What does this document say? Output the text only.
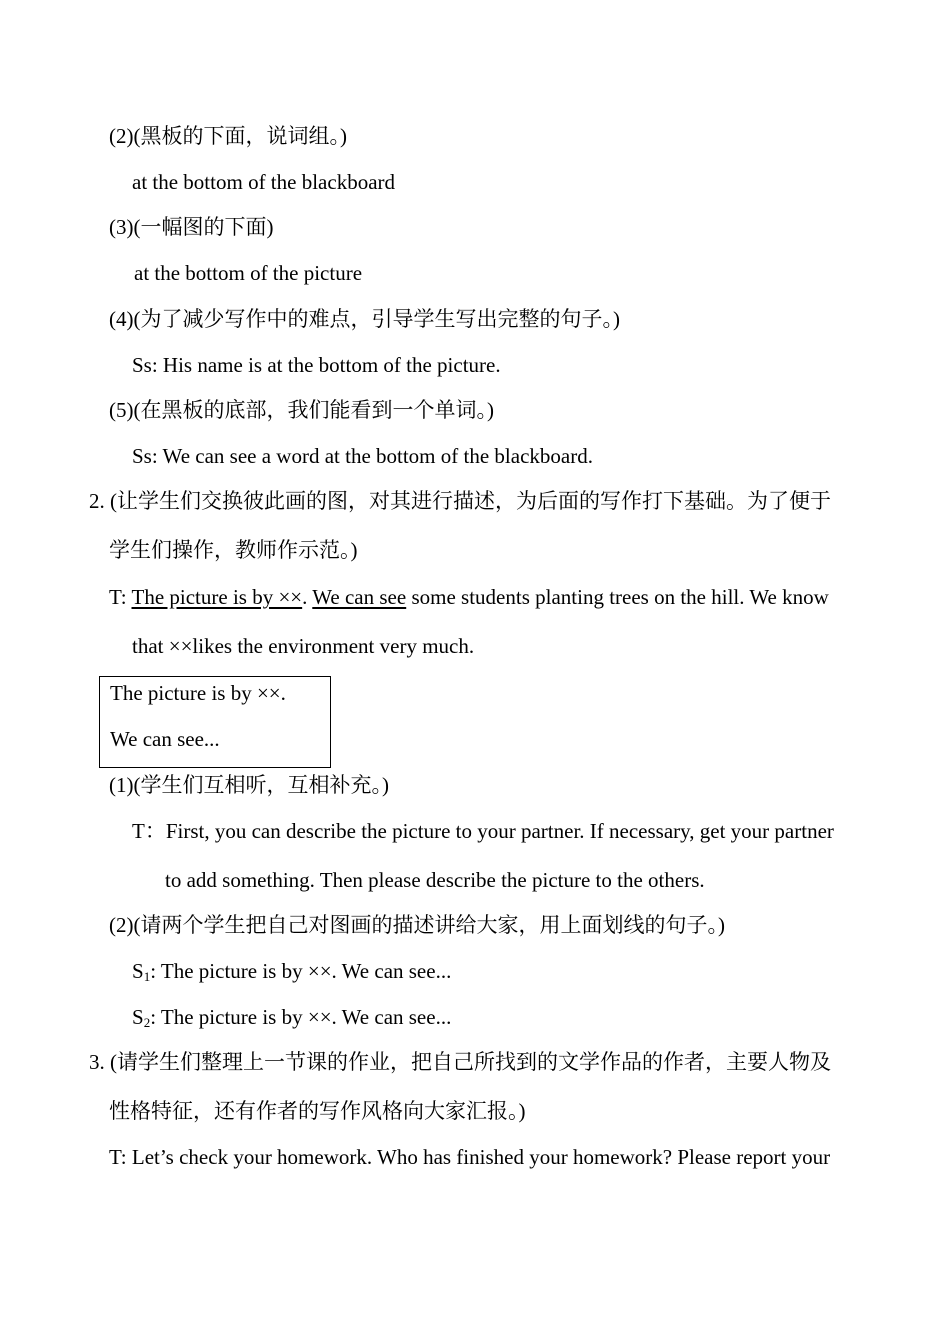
(2)(黑板的下面，说词组。)
at the bottom of the blackboard
(3)(一幅图的下面)
at the bottom of the picture
(4)(为了减少写作中的难点，引导学生写出完整的句子。)
Ss: His name is at the bottom of the picture.
(5)(在黑板的底部，我们能看到一个单词。)
Ss: We can see a word at the bottom of the blackboard.
2. (让学生们交换彼此画的图，对其进行描述，为后面的写作打下基础。为了便于
学生们操作，教师作示范。)
T: The picture is by ××. We can see some students planting trees on the hill. We know
that ××likes the environment very much.
The picture is by ××.
We can see...
(1)(学生们互相听，互相补充。)
T：First, you can describe the picture to your partner. If necessary, get your partner
to add something. Then please describe the picture to the others.
(2)(请两个学生把自己对图画的描述讲给大家，用上面划线的句子。)
$S_1$: The picture is by ××. We can see...
$S_2$: The picture is by ××. We can see...
3. (请学生们整理上一节课的作业，把自己所找到的文学作品的作者，主要人物及
性格特征，还有作者的写作风格向大家汇报。)
T: Let’s check your homework. Who has finished your homework? Please report your
